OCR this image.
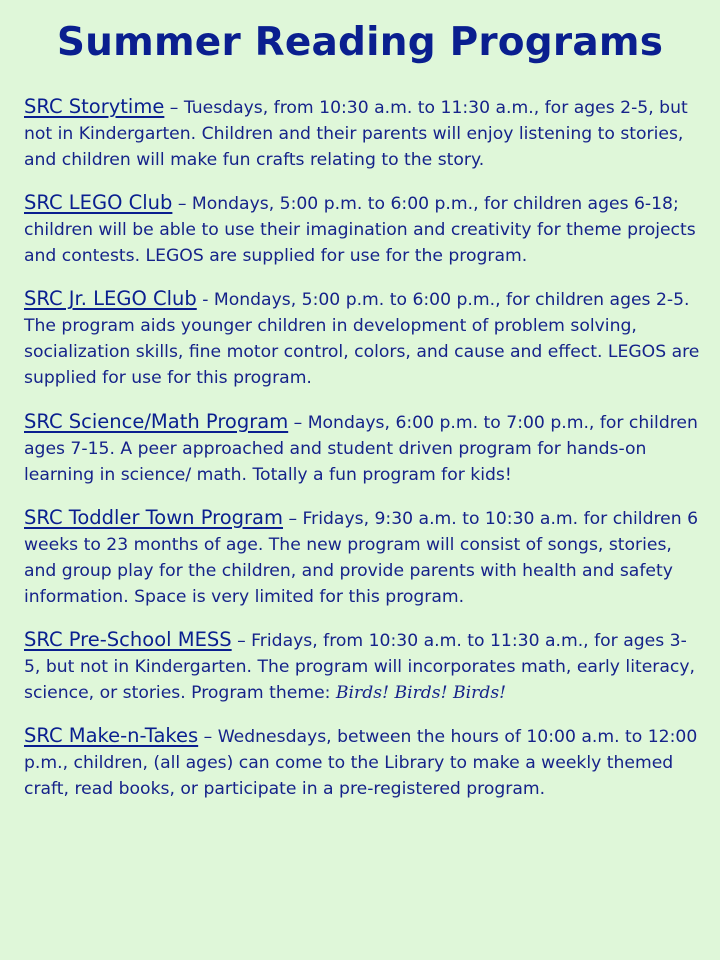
Summer Reading Programs

SRC Storytime – Tuesdays, from 10:30 a.m. to 11:30 a.m., for ages 2-5, but not in Kindergarten. Children and their parents will enjoy listening to stories, and children will make fun crafts relating to the story.

SRC LEGO Club – Mondays, 5:00 p.m. to 6:00 p.m., for children ages 6-18; children will be able to use their imagination and creativity for theme projects and contests. LEGOS are supplied for use for the program.

SRC Jr. LEGO Club - Mondays, 5:00 p.m. to 6:00 p.m., for children ages 2-5. The program aids younger children in development of problem solving, socialization skills, fine motor control, colors, and cause and effect. LEGOS are supplied for use for this program.

SRC Science/Math Program – Mondays, 6:00 p.m. to 7:00 p.m., for children ages 7-15. A peer approached and student driven program for hands-on learning in science/ math. Totally a fun program for kids!

SRC Toddler Town Program – Fridays, 9:30 a.m. to 10:30 a.m. for children 6 weeks to 23 months of age. The new program will consist of songs, stories, and group play for the children, and provide parents with health and safety information. Space is very limited for this program.

SRC Pre-School MESS – Fridays, from 10:30 a.m. to 11:30 a.m., for ages 3-5, but not in Kindergarten. The program will incorporates math, early literacy, science, or stories. Program theme: Birds! Birds! Birds!

SRC Make-n-Takes – Wednesdays, between the hours of 10:00 a.m. to 12:00 p.m., children, (all ages) can come to the Library to make a weekly themed craft, read books, or participate in a pre-registered program.
